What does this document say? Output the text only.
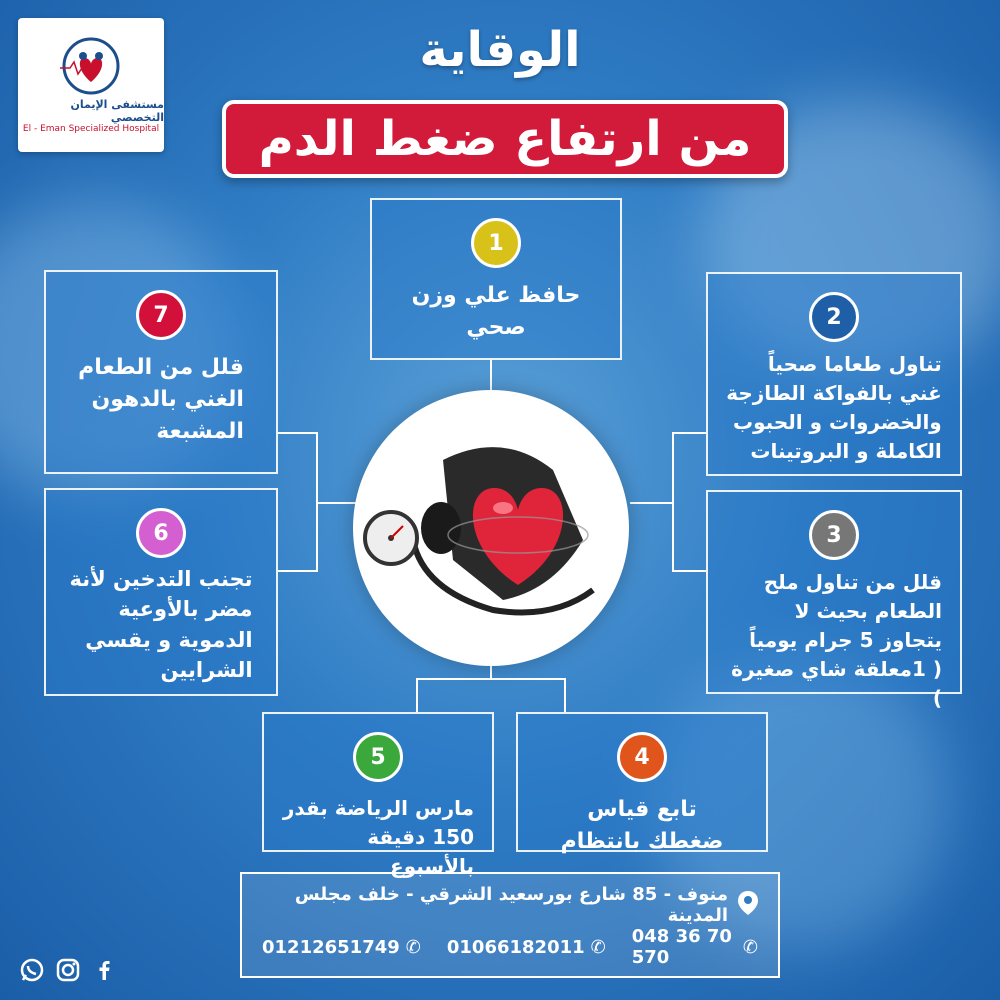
مستشفى الإيمان التخصصي
El - Eman Specialized Hospital
الوقاية
من ارتفاع ضغط الدم
1
حافظ علي وزن
صحي	2
تناول طعاما صحياً
غني بالفواكة الطازجة
والخضروات و الحبوب
الكاملة و البروتينات
3
قلل من تناول ملح
الطعام بحيث لا
يتجاوز 5 جرام يومياً
( 1معلقة شاي صغيرة )
4
تابع قياس
ضغطك بانتظام
5
مارس الرياضة بقدر
150 دقيقة بالأسبوع
6
تجنب التدخين لأنة
مضر بالأوعية
الدموية و يقسي
الشرايين
7
قلل من الطعام
الغني بالدهون
المشبعة
منوف - 85 شارع بورسعيد الشرقي - خلف مجلس المدينة
048 36 70 570	✆
01066182011 ✆
01212651749 ✆
